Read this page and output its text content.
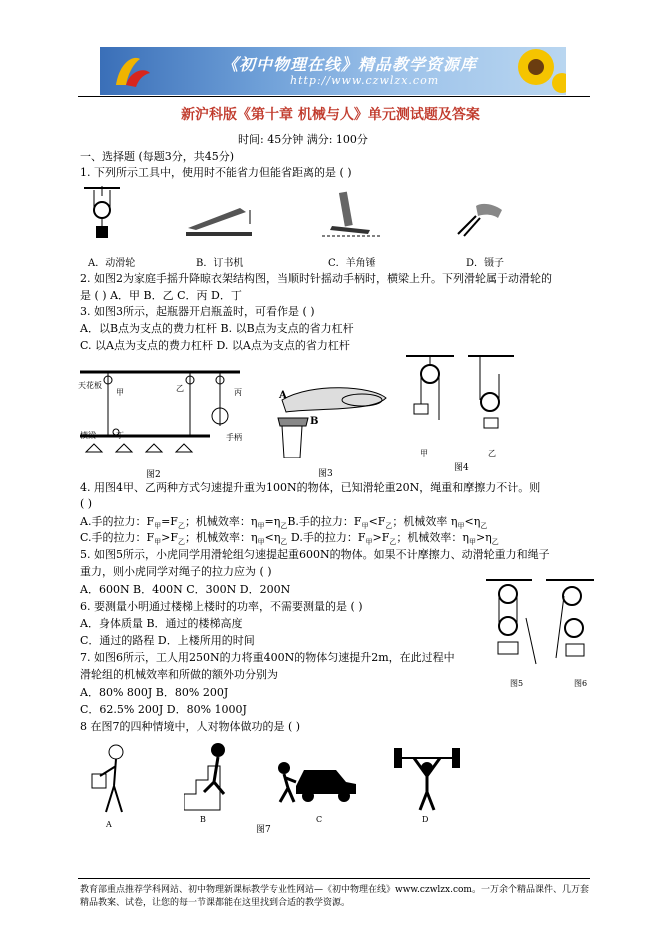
《初中物理在线》精品教学资源库
http://www.czwlzx.com
新沪科版《第十章 机械与人》单元测试题及答案
时间: 45分钟 满分: 100分
一、选择题 (每题3分，共45分)
1. 下列所示工具中，使用时不能省力但能省距离的是 ( )
A．动滑轮	B．订书机	C．羊角锤	D．镊子
2. 如图2为家庭手摇升降晾衣架结构图，当顺时针摇动手柄时，横梁上升。下列滑轮属于动滑轮的
是 ( ) A．甲 B．乙 C．丙 D．丁
3. 如图3所示，起瓶器开启瓶盖时，可看作是 ( )
A．以B点为支点的费力杠杆 B. 以B点为支点的省力杠杆
C. 以A点为支点的费力杠杆 D. 以A点为支点的省力杠杆
天花板
甲	乙	丙
横梁	丁	手柄
图2
A
B
图3
甲	乙
图4
4. 用图4甲、乙两种方式匀速提升重为100N的物体，已知滑轮重20N，绳重和摩擦力不计。则
( )
A.手的拉力：$F_甲=F_乙$；机械效率：$\eta_甲=\eta_乙B$.手的拉力：$F_甲<F_乙$；机械效率 $\eta_甲<\eta_乙$
C.手的拉力：$F_甲>F_乙$；机械效率：$\eta_甲<\eta_乙$ D.手的拉力：$F_甲>F_乙$；机械效率：$\eta_甲>\eta_乙$
5. 如图5所示，小虎同学用滑轮组匀速提起重600N的物体。如果不计摩擦力、动滑轮重力和绳子
重力，则小虎同学对绳子的拉力应为 ( )
A．600N B．400N C．300N D．200N
6. 要测量小明通过楼梯上楼时的功率，不需要测量的是 ( )
A．身体质量 B．通过的楼梯高度
C．通过的路程 D．上楼所用的时间
7. 如图6所示，工人用250N的力将重400N的物体匀速提升2m，在此过程中
滑轮组的机械效率和所做的额外功分别为
A．80% 800J B．80% 200J
C．62.5% 200J D．80% 1000J
图5	图6
8 在图7的四种情境中，人对物体做功的是 ( )
A
B	C	D
图7
教育部重点推荐学科网站、初中物理新课标教学专业性网站—《初中物理在线》www.czwlzx.com。一万余个精品课件、几万套精品教案、试卷，让您的每一节课都能在这里找到合适的教学资源。
